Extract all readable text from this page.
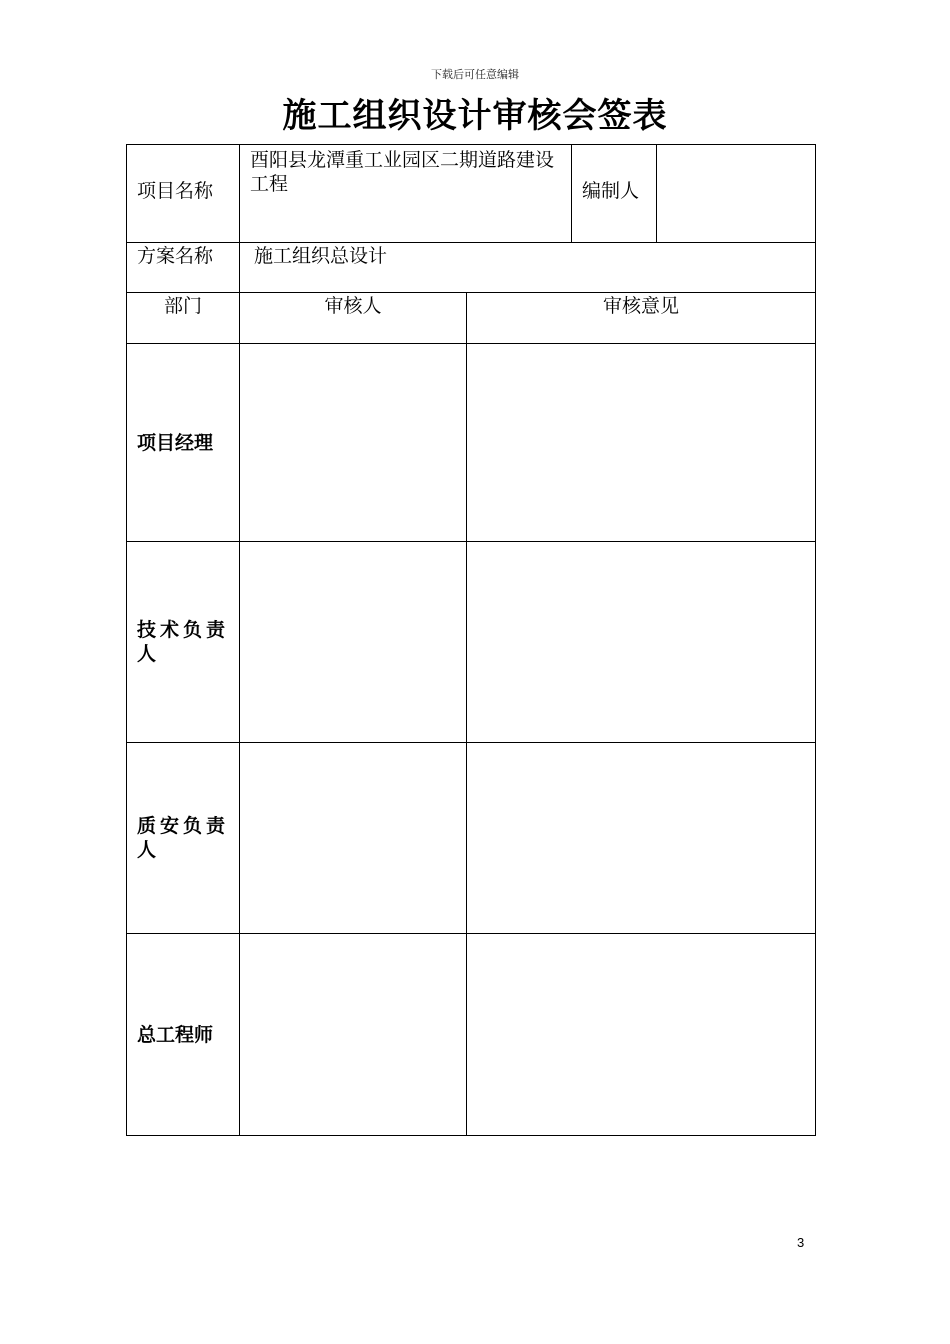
下载后可任意编辑
施工组织设计审核会签表
项目名称	酉阳县龙潭重工业园区二期道路建设工程		编制人	
方案名称	施工组织总设计			
部门	审核人	审核意见		
项目经理				
技术负责人				
质安负责人				
总工程师				
3
